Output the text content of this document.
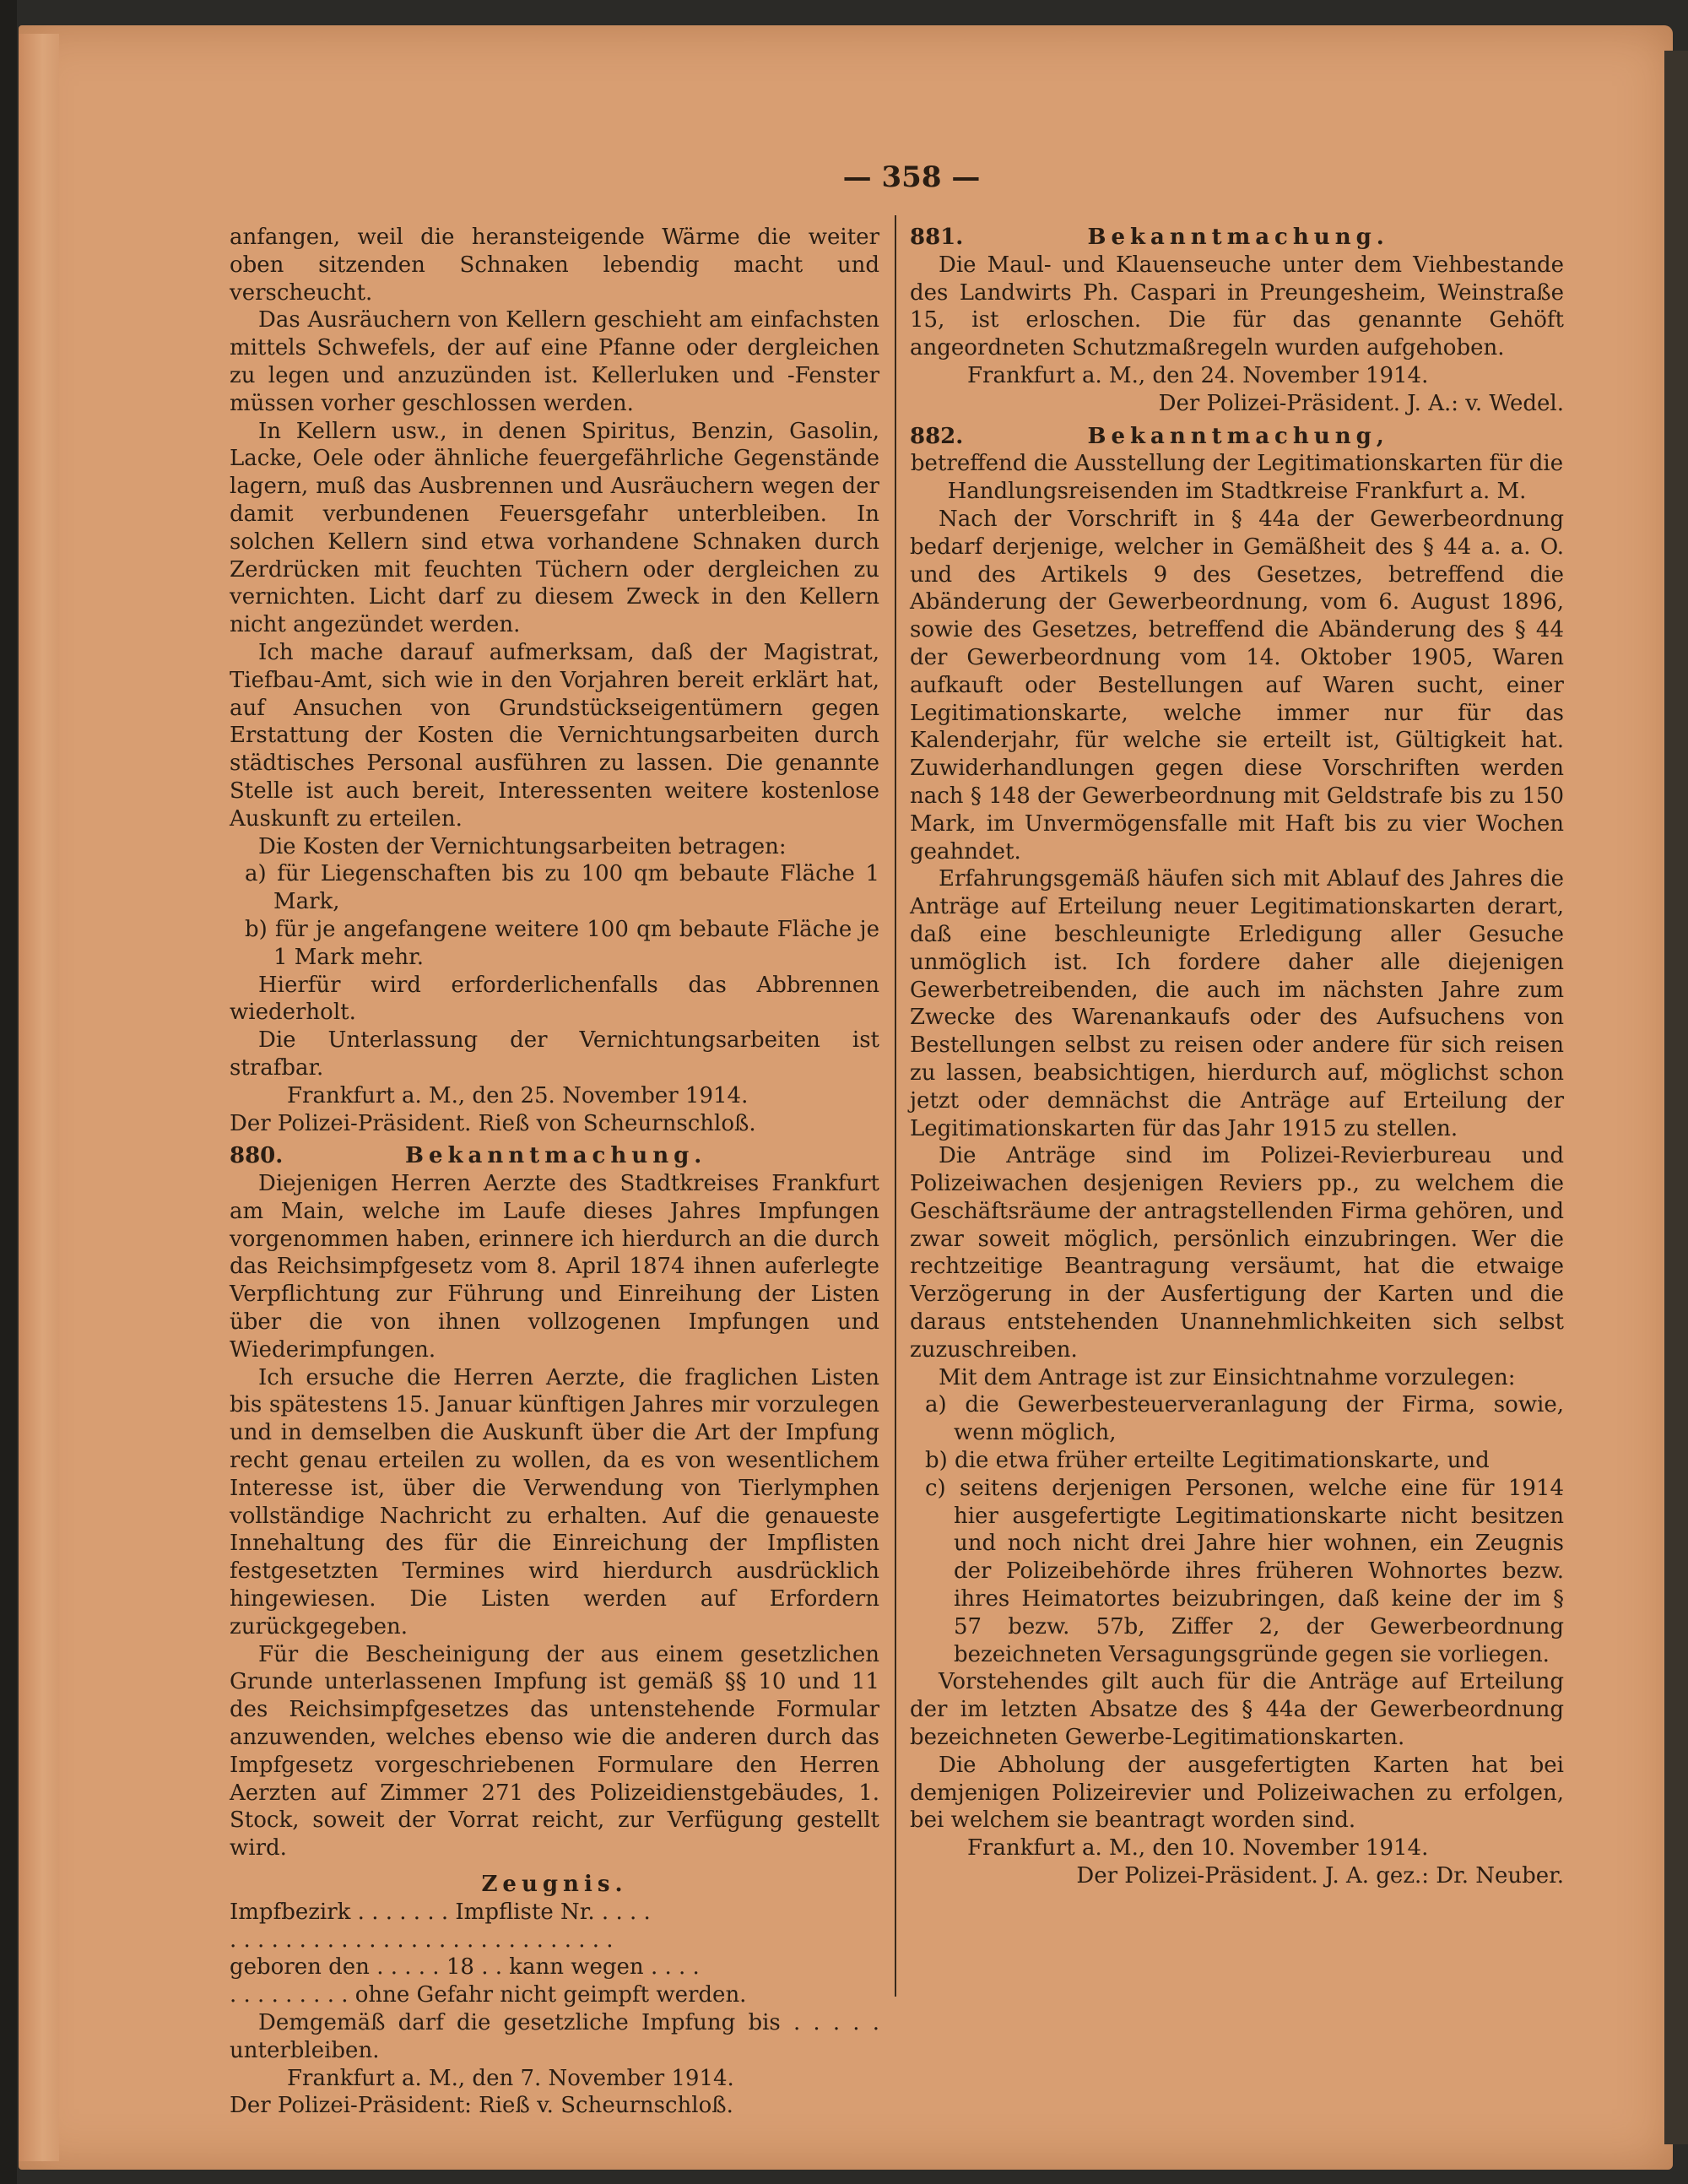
— 358 —

anfangen, weil die heransteigende Wärme die weiter oben sitzenden Schnaken lebendig macht und verscheucht.

Das Ausräuchern von Kellern geschieht am einfachsten mittels Schwefels, der auf eine Pfanne oder dergleichen zu legen und anzuzünden ist. Kellerluken und -Fenster müssen vorher geschlossen werden.

In Kellern usw., in denen Spiritus, Benzin, Gasolin, Lacke, Oele oder ähnliche feuergefährliche Gegenstände lagern, muß das Ausbrennen und Ausräuchern wegen der damit verbundenen Feuersgefahr unterbleiben. In solchen Kellern sind etwa vorhandene Schnaken durch Zerdrücken mit feuchten Tüchern oder dergleichen zu vernichten. Licht darf zu diesem Zweck in den Kellern nicht angezündet werden.

Ich mache darauf aufmerksam, daß der Magistrat, Tiefbau-Amt, sich wie in den Vorjahren bereit erklärt hat, auf Ansuchen von Grundstückseigentümern gegen Erstattung der Kosten die Vernichtungsarbeiten durch städtisches Personal ausführen zu lassen. Die genannte Stelle ist auch bereit, Interessenten weitere kostenlose Auskunft zu erteilen.

Die Kosten der Vernichtungsarbeiten betragen:

a) für Liegenschaften bis zu 100 qm bebaute Fläche 1 Mark,

b) für je angefangene weitere 100 qm bebaute Fläche je 1 Mark mehr.

Hierfür wird erforderlichenfalls das Abbrennen wiederholt.

Die Unterlassung der Vernichtungsarbeiten ist strafbar.

Frankfurt a. M., den 25. November 1914.

Der Polizei-Präsident. Rieß von Scheurnschloß.

880.	Bekanntmachung.

Diejenigen Herren Aerzte des Stadtkreises Frankfurt am Main, welche im Laufe dieses Jahres Impfungen vorgenommen haben, erinnere ich hierdurch an die durch das Reichsimpfgesetz vom 8. April 1874 ihnen auferlegte Verpflichtung zur Führung und Einreihung der Listen über die von ihnen vollzogenen Impfungen und Wiederimpfungen.

Ich ersuche die Herren Aerzte, die fraglichen Listen bis spätestens 15. Januar künftigen Jahres mir vorzulegen und in demselben die Auskunft über die Art der Impfung recht genau erteilen zu wollen, da es von wesentlichem Interesse ist, über die Verwendung von Tierlymphen vollständige Nachricht zu erhalten. Auf die genaueste Innehaltung des für die Einreichung der Impflisten festgesetzten Termines wird hierdurch ausdrücklich hingewiesen. Die Listen werden auf Erfordern zurückgegeben.

Für die Bescheinigung der aus einem gesetzlichen Grunde unterlassenen Impfung ist gemäß §§ 10 und 11 des Reichsimpfgesetzes das untenstehende Formular anzuwenden, welches ebenso wie die anderen durch das Impfgesetz vorgeschriebenen Formulare den Herren Aerzten auf Zimmer 271 des Polizeidienstgebäudes, 1. Stock, soweit der Vorrat reicht, zur Verfügung gestellt wird.

Zeugnis.

Impfbezirk . . . . . . . Impfliste Nr. . . . .

. . . . . . . . . . . . . . . . . . . . . . . . . . . .

geboren den . . . . . 18 . . kann wegen . . . .

. . . . . . . . . ohne Gefahr nicht geimpft werden.

Demgemäß darf die gesetzliche Impfung bis . . . . . unterbleiben.

Frankfurt a. M., den 7. November 1914.

Der Polizei-Präsident: Rieß v. Scheurnschloß.

881.	Bekanntmachung.

Die Maul- und Klauenseuche unter dem Viehbestande des Landwirts Ph. Caspari in Preungesheim, Weinstraße 15, ist erloschen. Die für das genannte Gehöft angeordneten Schutzmaßregeln wurden aufgehoben.

Frankfurt a. M., den 24. November 1914.

Der Polizei-Präsident. J. A.: v. Wedel.

882.	Bekanntmachung,

betreffend die Ausstellung der Legitimationskarten für die Handlungsreisenden im Stadtkreise Frankfurt a. M.

Nach der Vorschrift in § 44a der Gewerbeordnung bedarf derjenige, welcher in Gemäßheit des § 44 a. a. O. und des Artikels 9 des Gesetzes, betreffend die Abänderung der Gewerbeordnung, vom 6. August 1896, sowie des Gesetzes, betreffend die Abänderung des § 44 der Gewerbeordnung vom 14. Oktober 1905, Waren aufkauft oder Bestellungen auf Waren sucht, einer Legitimationskarte, welche immer nur für das Kalenderjahr, für welche sie erteilt ist, Gültigkeit hat. Zuwiderhandlungen gegen diese Vorschriften werden nach § 148 der Gewerbeordnung mit Geldstrafe bis zu 150 Mark, im Unvermögensfalle mit Haft bis zu vier Wochen geahndet.

Erfahrungsgemäß häufen sich mit Ablauf des Jahres die Anträge auf Erteilung neuer Legitimationskarten derart, daß eine beschleunigte Erledigung aller Gesuche unmöglich ist. Ich fordere daher alle diejenigen Gewerbetreibenden, die auch im nächsten Jahre zum Zwecke des Warenankaufs oder des Aufsuchens von Bestellungen selbst zu reisen oder andere für sich reisen zu lassen, beabsichtigen, hierdurch auf, möglichst schon jetzt oder demnächst die Anträge auf Erteilung der Legitimationskarten für das Jahr 1915 zu stellen.

Die Anträge sind im Polizei-Revierbureau und Polizeiwachen desjenigen Reviers pp., zu welchem die Geschäftsräume der antragstellenden Firma gehören, und zwar soweit möglich, persönlich einzubringen. Wer die rechtzeitige Beantragung versäumt, hat die etwaige Verzögerung in der Ausfertigung der Karten und die daraus entstehenden Unannehmlichkeiten sich selbst zuzuschreiben.

Mit dem Antrage ist zur Einsichtnahme vorzulegen:

a) die Gewerbesteuerveranlagung der Firma, sowie, wenn möglich,

b) die etwa früher erteilte Legitimationskarte, und

c) seitens derjenigen Personen, welche eine für 1914 hier ausgefertigte Legitimationskarte nicht besitzen und noch nicht drei Jahre hier wohnen, ein Zeugnis der Polizeibehörde ihres früheren Wohnortes bezw. ihres Heimatortes beizubringen, daß keine der im § 57 bezw. 57b, Ziffer 2, der Gewerbeordnung bezeichneten Versagungsgründe gegen sie vorliegen.

Vorstehendes gilt auch für die Anträge auf Erteilung der im letzten Absatze des § 44a der Gewerbeordnung bezeichneten Gewerbe-Legitimationskarten.

Die Abholung der ausgefertigten Karten hat bei demjenigen Polizeirevier und Polizeiwachen zu erfolgen, bei welchem sie beantragt worden sind.

Frankfurt a. M., den 10. November 1914.

Der Polizei-Präsident. J. A. gez.: Dr. Neuber.
